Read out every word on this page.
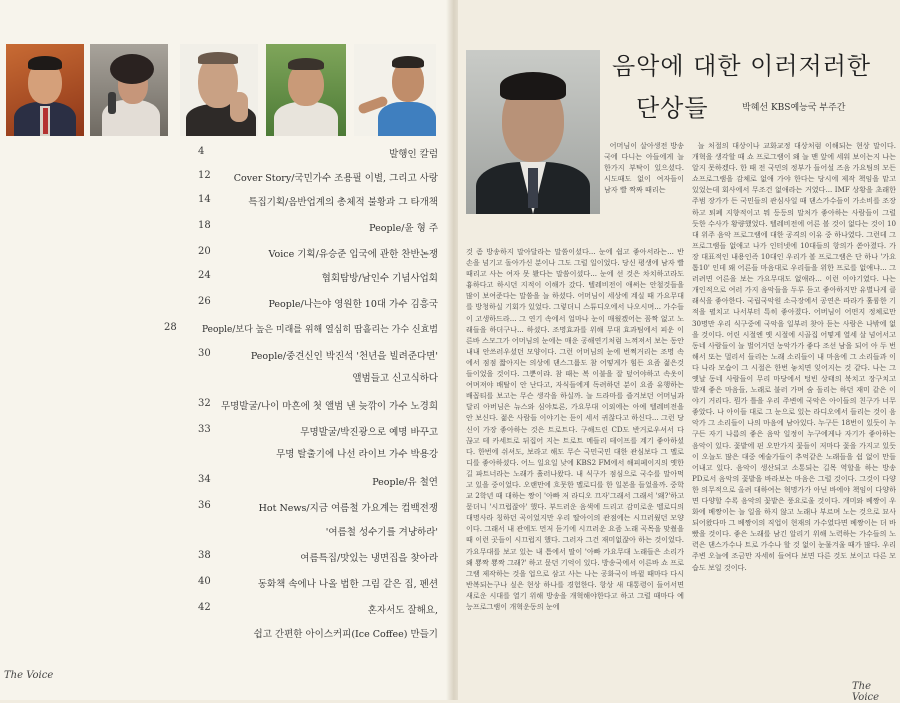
4	발행인 칼럼
12	Cover Story/국민가수 조용필 이별, 그리고 사랑
14	특집기획/음반업계의 총체적 불황과 그 타개책
18	People/윤 형 주
20	Voice 기획/유승준 입국에 관한 찬반논쟁
24	협회탐방/남인수 기념사업회
26	People/나는야 영원한 10대 가수 김흥국
28	People/보다 높은 미래를 위해 열심히 땀흘리는 가수 신효범
30	People/중견신인 박진석 '천년을 빌려준다면'
앨범들고 신고식하다
32	무명발굴/나이 마흔에 첫 앨범 낸 늦깎이 가수 노경희
33	무명발굴/박진광으로 예명 바꾸고
무명 탈출기에 나선 라이브 가수 박용강
34	People/유 철연
36	Hot News/지금 여름철 가요계는 컴백전쟁
'여름철 성수기를 겨냥하라'
38	여름특집/맛있는 냉면집을 찾아라
40	동화책 속에나 나올 법한 그림 같은 집, 펜션
42	혼자서도 잘해요,
쉽고 간편한 아이스커피(Ice Coffee) 만들기
The Voice
음악에 대한 이러저러한
단상들	박혜선 KBS예능국 부주간

어머님이 살아생전 방송국에 다니는 아들에게 늘 한가지 부탁이 있으셨다. 시도때도 없이 여자들이 남자 빨 짝짜 때리는

것 좀 방송하지 말아달라는 말씀이셨다... 눈에 쉽고 좋아서라는... 반 손을 넘기고 돌아가신 분이나 그도 그럴 일이었다. 당신 평생에 남자 빨 때리고 사는 여자 못 봤다는 말씀이셨다... 눈에 선 것은 차치하고라도 흉하다고 하시던 지적이 이해가 갔다. 텔레비전이 애써는 안철것들을 많이 보여준다는 말씀을 늘 하셨다. 어머님이 세상에 계실 때 가요무대를 방청하실 기회가 있었다. 그렇더니 스튜디오에서 나오시며... 가수들이 고생하드라... 그 연기 속에서 얼마나 눈이 매웠겠어는 꼼짝 없고 노래들을 하더구나... 하셨다. 조명효과를 위해 무대 효과팀에서 피운 이른바 스모그가 어머님의 눈에는 매운 공해연기처럼 느껴져서 보는 동안 내내 안쓰러우셨던 모양이다. 그런 어머님의 눈에 번쩍거리는 조명 속에서 점점 짧아지는 의상에 댄스그룹도 참 어떻게가 힘든 요즘 젊은것들이었을 것이다. 그뿐이랴. 참 때는 복 이불을 잘 덮어야하고 속옷이 여며져야 배탈이 안 난다고, 자식들에게 독려하던 분이 요즘 유행하는 배꼽티를 보고는 무슨 생각을 하실까. 늘 드라마를 즐겨보던 어머님과 달리 아버님은 뉴스와 심야토론, 가요무대 이외에는 아예 텔레비전을 안 보신다. 젊은 사람들 이야기는 듣이 세서 귀찮다고 하신다... 그런 당신이 가장 좋아하는 것은 트로트다. 구해드린 CD도 반거로우셔서 다 끊고 테 카세트로 뒤집어 지는 트로트 메들리 테이프를 계기 좋아하셨다. 한번에 쉬셔도, 보라고 해도 무슨 국민국민 대한 관심보다 그 멜로디를 좋아하셨다. 어느 일요일 낮에 KBS2 FM에서 해피페이지의 옛한 길 파트너라는 노래가 흘러나왔다. 내 식구가 점심으로 국수를 말아먹고 있을 중이었다. 오랜만에 흐뭇한 멜로디를 한 일본을 들었을까. 중학교 2학년 때 대하는 짱이 '아빠 저 라디오 끄자'그래서 그래서 '왜?'하고 묻더니 '시끄럽잖아' 했다. 부드러운 음색에 드리고 감미로운 멜로디의 대명사라 칭하던 곡이었지만 우리 딸아이의 관점에는 시끄러웠던 모양이다. 그래서 내 관에도 먼저 듣기에 시끄러운 요즘 노래 곡목을 맞췄을 때 이런 곳들이 시끄럽지 했다. 그러자 그건 재미없잖아 하는 것이었다. 가요무대를 보고 있는 내 틈에서 딸이 '아빠 가요무대 노래들은 소리가 왜 뿅짝 뿅짝 그래?' 하고 묻던 기억이 있다. 방송국에서 이른바 쇼 프로그램 제작하는 것을 업으로 삼고 사는 나는 공화국이 바뀔 때마다 다시 반복되는구나 싶은 현상 하나를 경험한다. 항상 새 대통령이 들어서면 새로운 시대를 열기 위해 방송을 개혁해야한다고 하고 그럴 때마다 예능프로그램이 개혁운동의 눈에

늘 처절의 대상이나 교화교정 대상처럼 이해되는 현상 말이다. 개혁을 생각할 때 쇼 프로그램이 왜 늘 맨 앞에 세워 보이는지 나는 알지 못하겠다. 한 때 전 국민의 정부가 들어설 즈음 가요팀의 모든 쇼프로그램을 감체로 없애 가야 한다는 당시에 제작 책임을 맡고 있었는데 회사에서 무조건 없애라는 거였다... IMF 상황을 초래한 주범 장가가 든 국민들의 관심사일 때 댄스가수들이 가소비를 조장하고 퇴폐 지향적이고 뭐 등등의 말처가 좋아하는 사람들이 그럴 듯한 수사가 황량했었다. 텔레비전에 어른 볼 것이 없다는 것이 10대 위주 음악 프로그램에 대한 공격의 이유 중 하나였다. 그런데 그 프로그램들 없애고 나가 인터넷에 10대들의 항의가 쏟아졌다. 가장 대표적인 내용인즉 10대인 우리가 볼 프로그램은 단 하나 '가요톱10' 인데 왜 어른들 마음대로 우리들을 위한 프로를 없애냐... 그러려면 어른을 보는 가요무대도 없애라... 이런 이야기였다. 나는 개인적으로 여러 가지 음악들을 두루 듣고 좋아하지만 유별나게 클래식을 좋아한다. 국립국악원 소극장에서 공연은 따라가 훌륭한 기적을 펼치고 나서부터 특히 좋아졌다. 어버님이 어떤지 정체로만 30명만 우리 식구중에 국악을 일부러 찾아 듣는 사람은 나밖에 없을 것이다. 어린 시절엔 옛 시절에 시골집 어떻게 열세 살 넘어서고 동네 사람들이 늘 벌어거던 농악가가 좋다 조선 남을 되어 아 두 번 해서 또는 멀리서 들리는 노래 소리들이 내 마음에 그 소리들과 이다 나라 모습이 그 시절은 한번 놓치면 잊어지는 것 같다. 나는 그 옛날 동네 사람들이 무리 마당에서 텅빈 상태의 북치고 장구치고 발재 좋은 마음들, 노래로 불러 가며 숨 돌리는 하던 재미 같은 이야기 거리다. 뭔가 틀을 우리 주변에 국악은 아이들의 친구가 너무 좋았다. 나 아이들 대로 그 눈으로 있는 라디오에서 들리는 것이 음악가 그 소리들이 나의 마음에 남아있다. 누구든 18번이 있듯이 누구든 자기 나름의 좋은 음악 일정이 누구에게나 자기가 좋아하는 음악이 있다. 꽃밭에 핀 오만가지 꽃들이 저마다 꽃을 가지고 있듯이 오늘도 많은 대중 예술가들이 추억같은 노래들을 쉼 없이 만들어내고 있다. 음악이 생산되고 소통되는 길목 역할을 하는 방송 PD로서 음악의 꽃밭을 바라보는 마음은 그럴 것이다. 그것이 다양한 의무적으로 올려 대하여는 혁명가가 아닌 바에야 책임이 다양하면 다양할 수록 음악의 꽃밭은 풍요로울 것이다. 개미와 베짱이 우화에 베짱이는 늘 일을 하지 않고 노래나 부르며 노는 것으로 묘사되어왔다마 그 베짱이의 직업이 현재의 가수였다면 베짱이는 더 바빴을 것이다. 좋은 노래를 남긴 알리기 위해 노력하는 가수들의 노력은 댄스가수나 트로 가수나 할 것 없이 눈물겨울 때가 많다. 우리 주변 오늘에 조금만 자세히 들여다 보면 다른 것도 보이고 다른 모습도 보일 것이다.

The Voice
